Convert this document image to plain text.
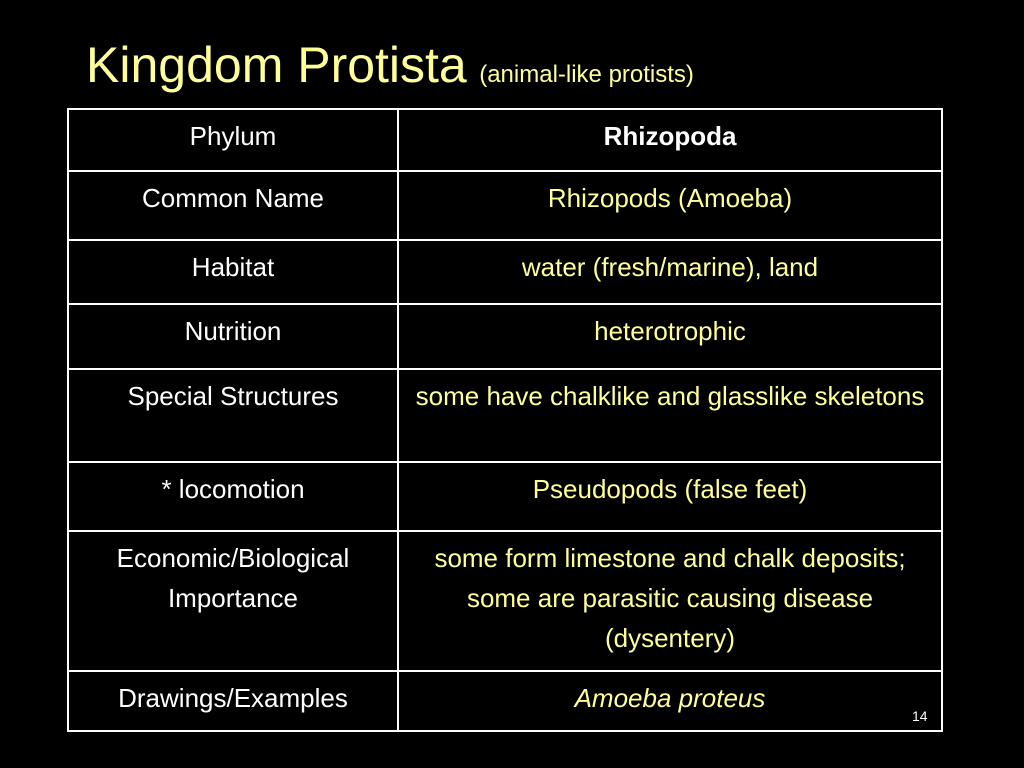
Kingdom Protista (animal-like protists)
Phylum	Rhizopoda
Common Name	Rhizopods (Amoeba)
Habitat	water (fresh/marine), land
Nutrition	heterotrophic
Special Structures	some have chalklike and glasslike skeletons
* locomotion	Pseudopods (false feet)
Economic/Biological Importance	some form limestone and chalk deposits; some are parasitic causing disease (dysentery)
Drawings/Examples	Amoeba proteus
14
